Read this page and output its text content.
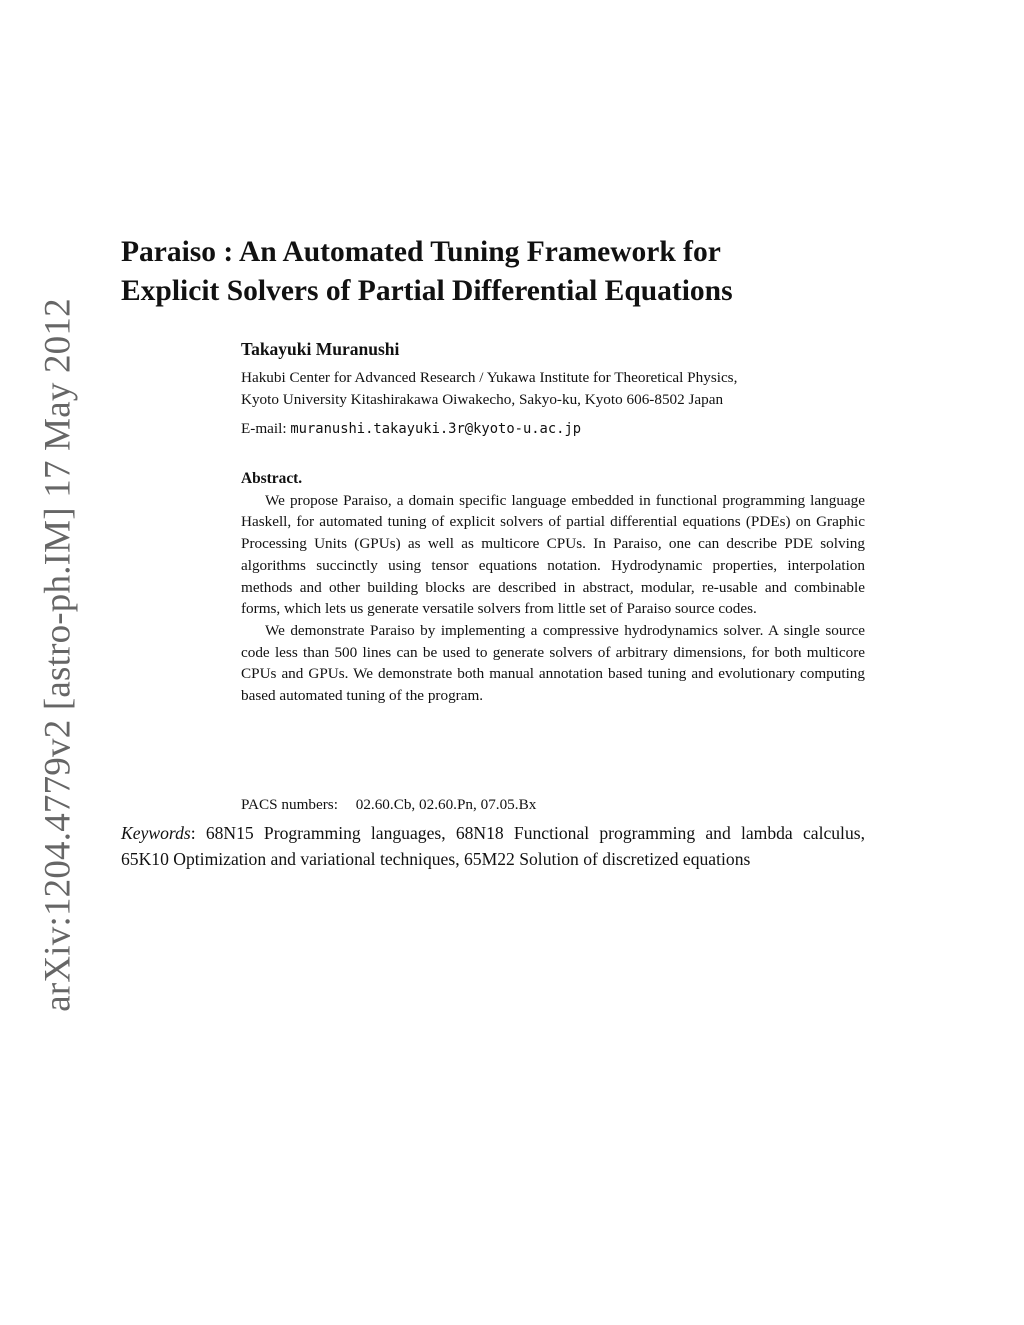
arXiv:1204.4779v2 [astro-ph.IM] 17 May 2012
Paraiso : An Automated Tuning Framework for
Explicit Solvers of Partial Differential Equations
Takayuki Muranushi
Hakubi Center for Advanced Research / Yukawa Institute for Theoretical Physics,
Kyoto University Kitashirakawa Oiwakecho, Sakyo-ku, Kyoto 606-8502 Japan
E-mail: muranushi.takayuki.3r@kyoto-u.ac.jp
Abstract.

We propose Paraiso, a domain specific language embedded in functional programming language Haskell, for automated tuning of explicit solvers of partial differential equations (PDEs) on Graphic Processing Units (GPUs) as well as multicore CPUs. In Paraiso, one can describe PDE solving algorithms succinctly using tensor equations notation. Hydrodynamic properties, interpolation methods and other building blocks are described in abstract, modular, re-usable and combinable forms, which lets us generate versatile solvers from little set of Paraiso source codes.

We demonstrate Paraiso by implementing a compressive hydrodynamics solver. A single source code less than 500 lines can be used to generate solvers of arbitrary dimensions, for both multicore CPUs and GPUs. We demonstrate both manual annotation based tuning and evolutionary computing based automated tuning of the program.

PACS numbers: 02.60.Cb, 02.60.Pn, 07.05.Bx

Keywords: 68N15 Programming languages, 68N18 Functional programming and lambda calculus, 65K10 Optimization and variational techniques, 65M22 Solution of discretized equations
